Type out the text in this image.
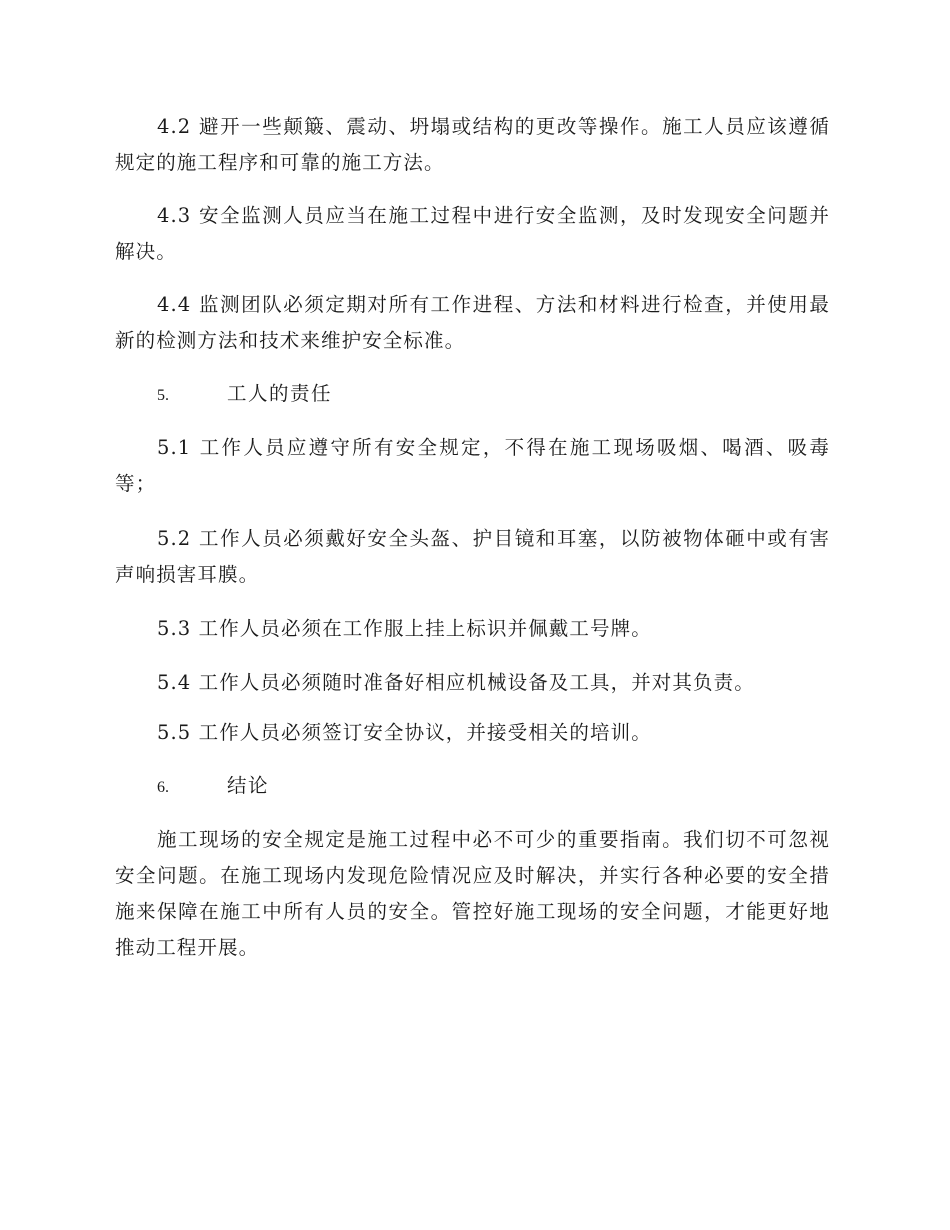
4.2 避开一些颠簸、震动、坍塌或结构的更改等操作。施工人员应该遵循规定的施工程序和可靠的施工方法。

4.3 安全监测人员应当在施工过程中进行安全监测，及时发现安全问题并解决。

4.4 监测团队必须定期对所有工作进程、方法和材料进行检查，并使用最新的检测方法和技术来维护安全标准。

5.	工人的责任

5.1 工作人员应遵守所有安全规定，不得在施工现场吸烟、喝酒、吸毒等；

5.2 工作人员必须戴好安全头盔、护目镜和耳塞，以防被物体砸中或有害声响损害耳膜。

5.3 工作人员必须在工作服上挂上标识并佩戴工号牌。

5.4 工作人员必须随时准备好相应机械设备及工具，并对其负责。

5.5 工作人员必须签订安全协议，并接受相关的培训。

6.	结论

施工现场的安全规定是施工过程中必不可少的重要指南。我们切不可忽视安全问题。在施工现场内发现危险情况应及时解决，并实行各种必要的安全措施来保障在施工中所有人员的安全。管控好施工现场的安全问题，才能更好地推动工程开展。
